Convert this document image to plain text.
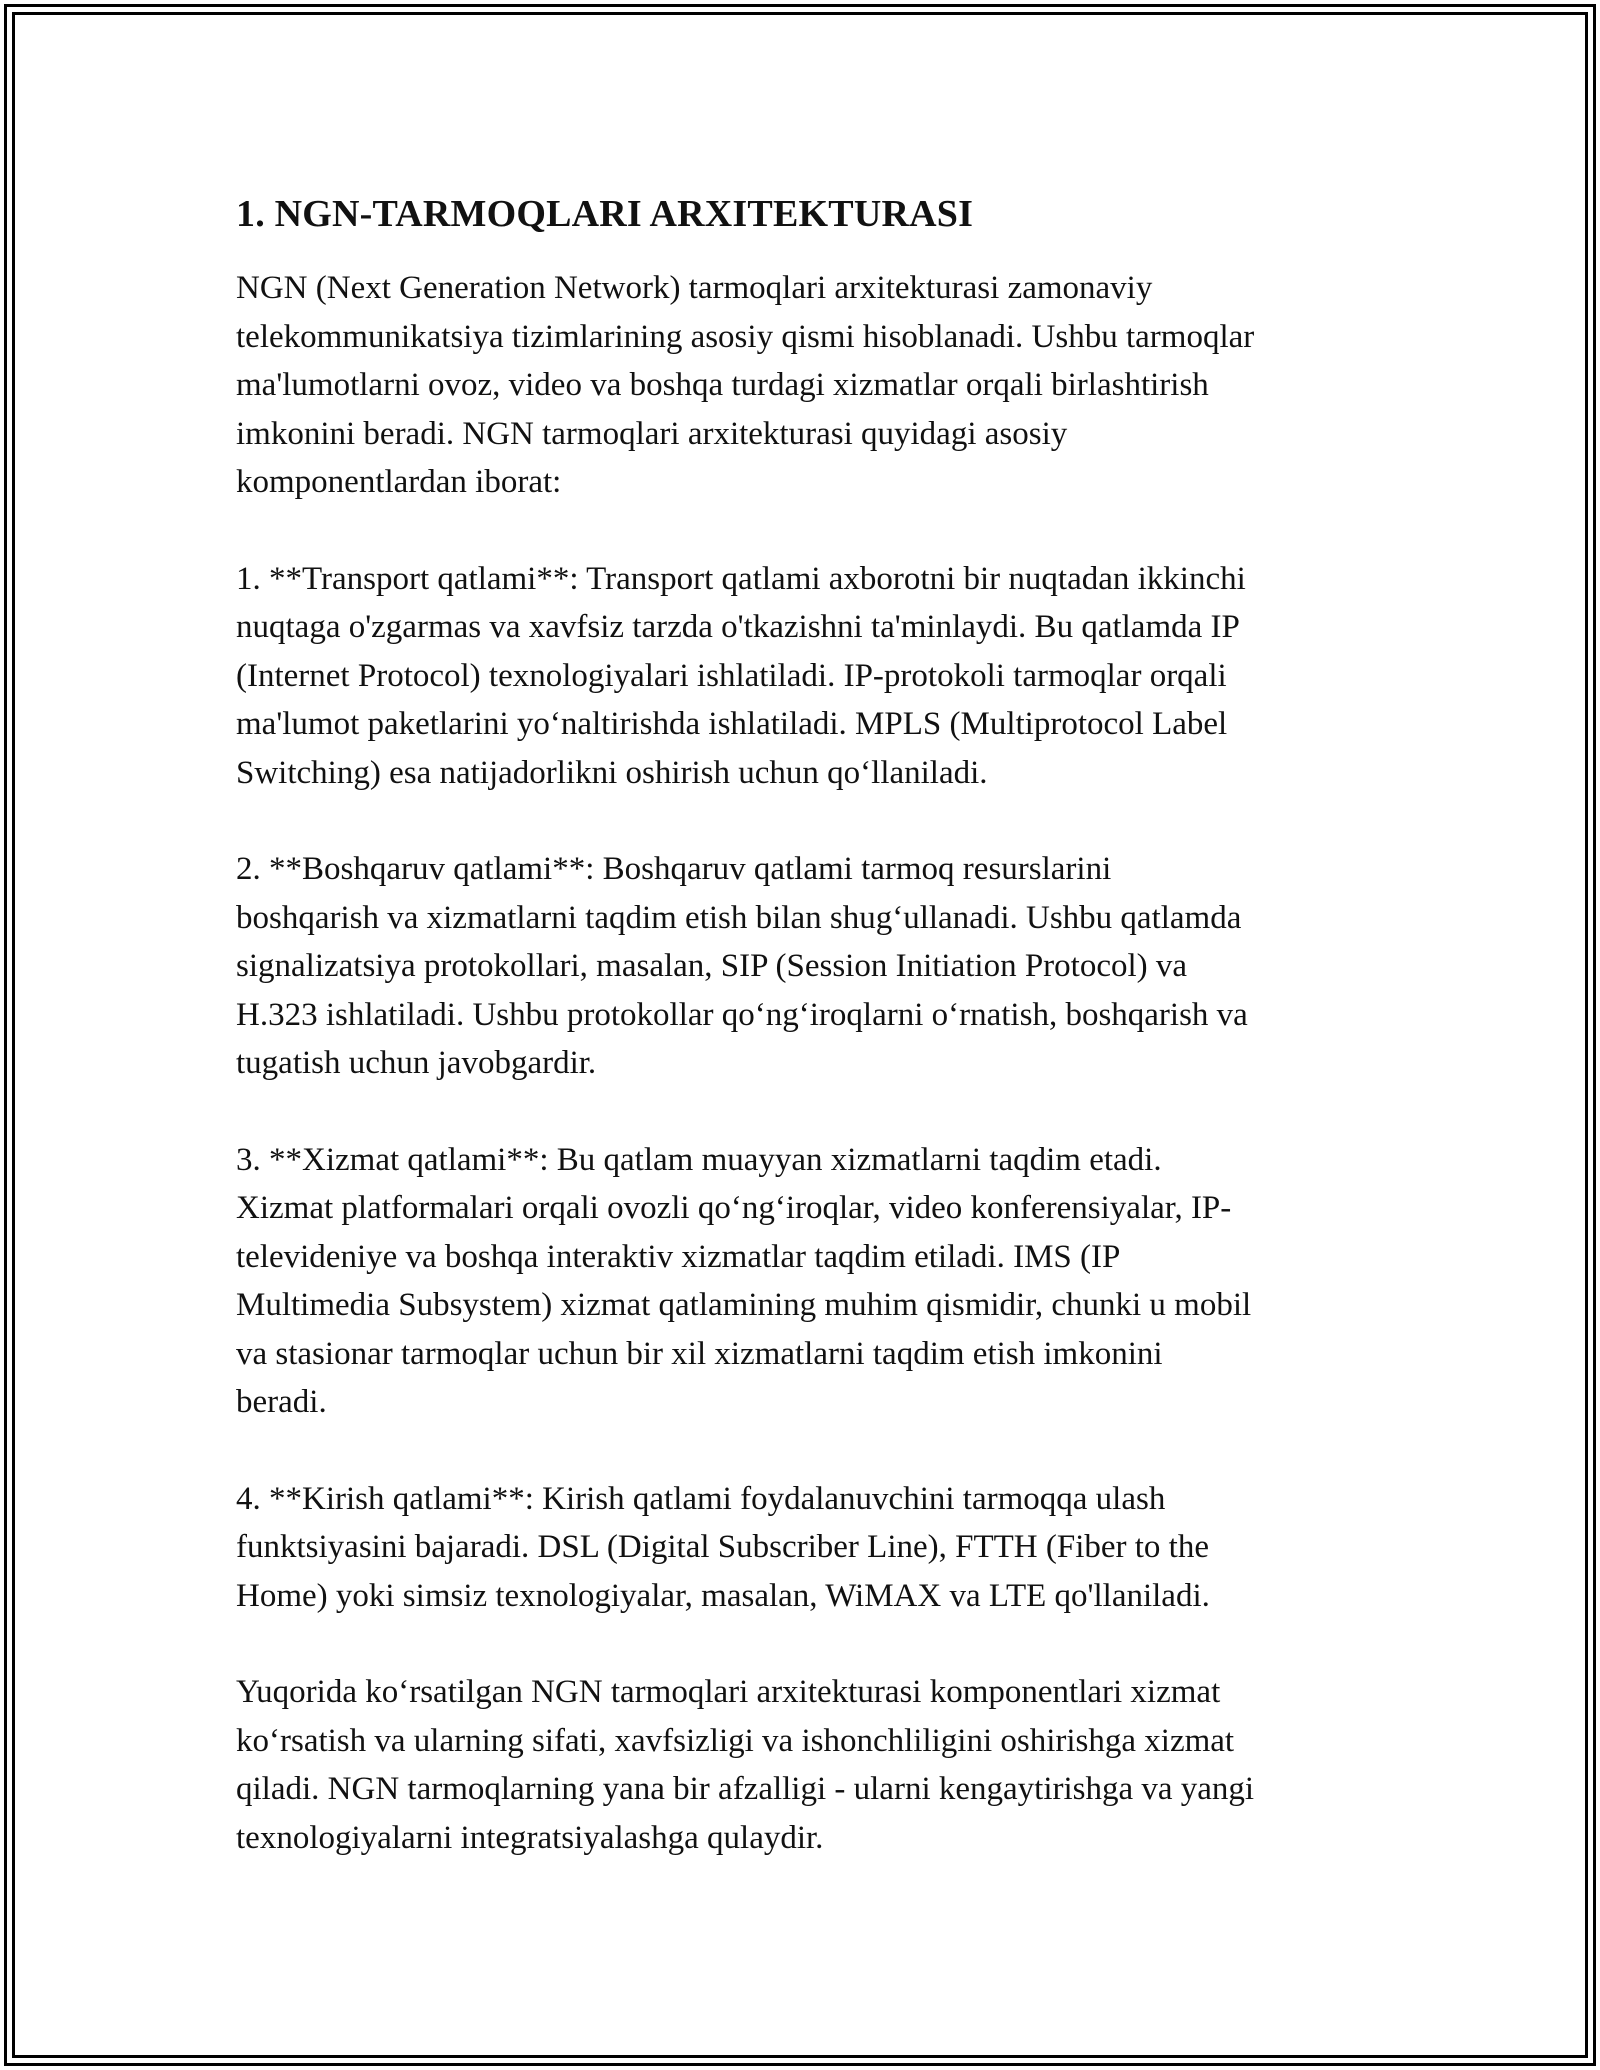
1. NGN-TARMOQLARI ARXITEKTURASI

NGN (Next Generation Network) tarmoqlari arxitekturasi zamonaviy
telekommunikatsiya tizimlarining asosiy qismi hisoblanadi. Ushbu tarmoqlar
ma'lumotlarni ovoz, video va boshqa turdagi xizmatlar orqali birlashtirish
imkonini beradi. NGN tarmoqlari arxitekturasi quyidagi asosiy
komponentlardan iborat:

1. **Transport qatlami**: Transport qatlami axborotni bir nuqtadan ikkinchi
nuqtaga o'zgarmas va xavfsiz tarzda o'tkazishni ta'minlaydi. Bu qatlamda IP
(Internet Protocol) texnologiyalari ishlatiladi. IP-protokoli tarmoqlar orqali
ma'lumot paketlarini yo‘naltirishda ishlatiladi. MPLS (Multiprotocol Label
Switching) esa natijadorlikni oshirish uchun qo‘llaniladi.

2. **Boshqaruv qatlami**: Boshqaruv qatlami tarmoq resurslarini
boshqarish va xizmatlarni taqdim etish bilan shug‘ullanadi. Ushbu qatlamda
signalizatsiya protokollari, masalan, SIP (Session Initiation Protocol) va
H.323 ishlatiladi. Ushbu protokollar qo‘ng‘iroqlarni o‘rnatish, boshqarish va
tugatish uchun javobgardir.

3. **Xizmat qatlami**: Bu qatlam muayyan xizmatlarni taqdim etadi.
Xizmat platformalari orqali ovozli qo‘ng‘iroqlar, video konferensiyalar, IP-
televideniye va boshqa interaktiv xizmatlar taqdim etiladi. IMS (IP
Multimedia Subsystem) xizmat qatlamining muhim qismidir, chunki u mobil
va stasionar tarmoqlar uchun bir xil xizmatlarni taqdim etish imkonini
beradi.

4. **Kirish qatlami**: Kirish qatlami foydalanuvchini tarmoqqa ulash
funktsiyasini bajaradi. DSL (Digital Subscriber Line), FTTH (Fiber to the
Home) yoki simsiz texnologiyalar, masalan, WiMAX va LTE qo'llaniladi.

Yuqorida ko‘rsatilgan NGN tarmoqlari arxitekturasi komponentlari xizmat
ko‘rsatish va ularning sifati, xavfsizligi va ishonchliligini oshirishga xizmat
qiladi. NGN tarmoqlarning yana bir afzalligi - ularni kengaytirishga va yangi
texnologiyalarni integratsiyalashga qulaydir.
